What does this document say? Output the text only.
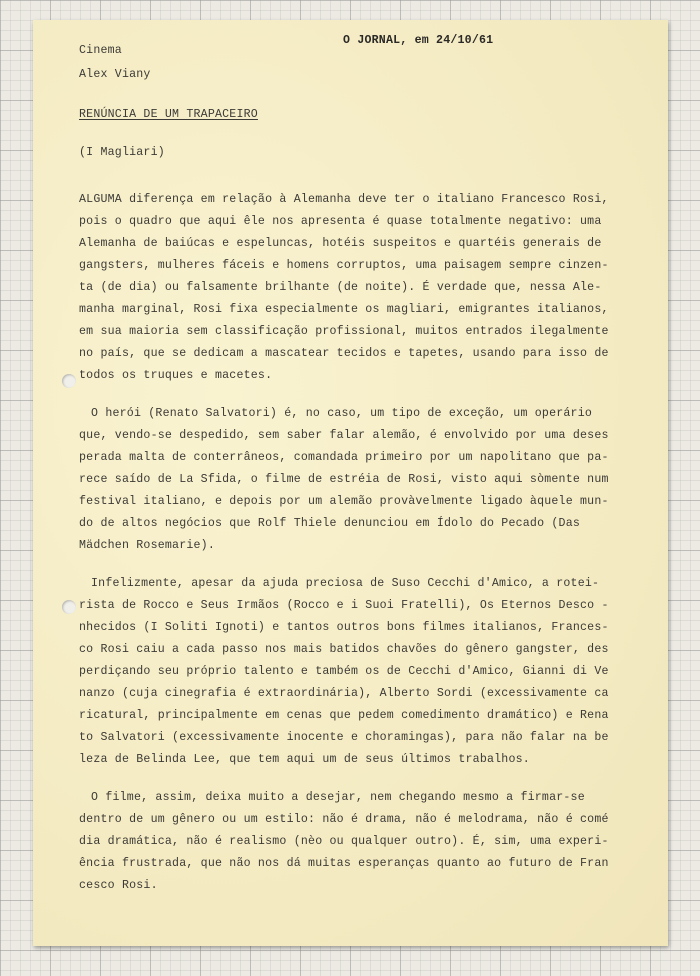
O JORNAL, em 24/10/61
Cinema
Alex Viany
RENÚNCIA DE UM TRAPACEIRO
(I Magliari)
ALGUMA diferença em relação à Alemanha deve ter o italiano Francesco Rosi,
pois o quadro que aqui êle nos apresenta é quase totalmente negativo: uma
Alemanha de baiúcas e espeluncas, hotéis suspeitos e quartéis generais de
gangsters, mulheres fáceis e homens corruptos, uma paisagem sempre cinzen-
ta (de dia) ou falsamente brilhante (de noite). É verdade que, nessa Ale-
manha marginal, Rosi fixa especialmente os magliari, emigrantes italianos,
em sua maioria sem classificação profissional, muitos entrados ilegalmente
no país, que se dedicam a mascatear tecidos e tapetes, usando para isso de
todos os truques e macetes.
O herói (Renato Salvatori) é, no caso, um tipo de exceção, um operário
que, vendo-se despedido, sem saber falar alemão, é envolvido por uma deses
perada malta de conterrâneos, comandada primeiro por um napolitano que pa-
rece saído de La Sfida, o filme de estréia de Rosi, visto aqui sòmente num
festival italiano, e depois por um alemão provàvelmente ligado àquele mun-
do de altos negócios que Rolf Thiele denunciou em Ídolo do Pecado (Das
Mädchen Rosemarie).
Infelizmente, apesar da ajuda preciosa de Suso Cecchi d'Amico, a rotei-
rista de Rocco e Seus Irmãos (Rocco e i Suoi Fratelli), Os Eternos Desco -
nhecidos (I Soliti Ignoti) e tantos outros bons filmes italianos, Frances-
co Rosi caiu a cada passo nos mais batidos chavões do gênero gangster, des
perdiçando seu próprio talento e também os de Cecchi d'Amico, Gianni di Ve
nanzo (cuja cinegrafia é extraordinária), Alberto Sordi (excessivamente ca
ricatural, principalmente em cenas que pedem comedimento dramático) e Rena
to Salvatori (excessivamente inocente e choramingas), para não falar na be
leza de Belinda Lee, que tem aqui um de seus últimos trabalhos.
O filme, assim, deixa muito a desejar, nem chegando mesmo a firmar-se
dentro de um gênero ou um estilo: não é drama, não é melodrama, não é comé
dia dramática, não é realismo (nèo ou qualquer outro). É, sim, uma experi-
ência frustrada, que não nos dá muitas esperanças quanto ao futuro de Fran
cesco Rosi.
